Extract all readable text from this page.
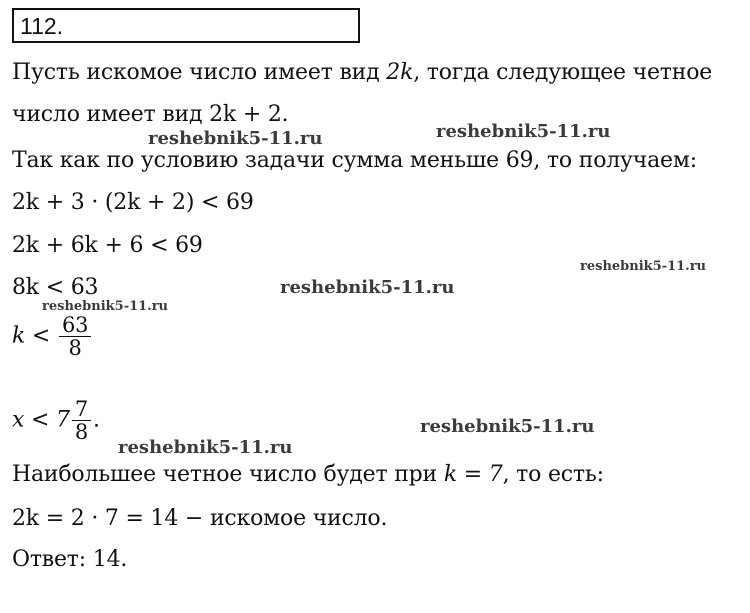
112.
Пусть искомое число имеет вид 2k, тогда следующее четное
число имеет вид 2k + 2.
Так как по условию задачи сумма меньше 69, то получаем:
2k + 3 · (2k + 2) < 69
2k + 6k + 6 < 69
8k < 63
$k < \frac{63}{8}$
$x < 7 \frac{7}{8}$ .
Наибольшее четное число будет при k = 7, то есть:
2k = 2 · 7 = 14 − искомое число.
Ответ: 14.
reshebnik5-11.ru	reshebnik5-11.ru
reshebnik5-11.ru
reshebnik5-11.ru
reshebnik5-11.ru
reshebnik5-11.ru
reshebnik5-11.ru
